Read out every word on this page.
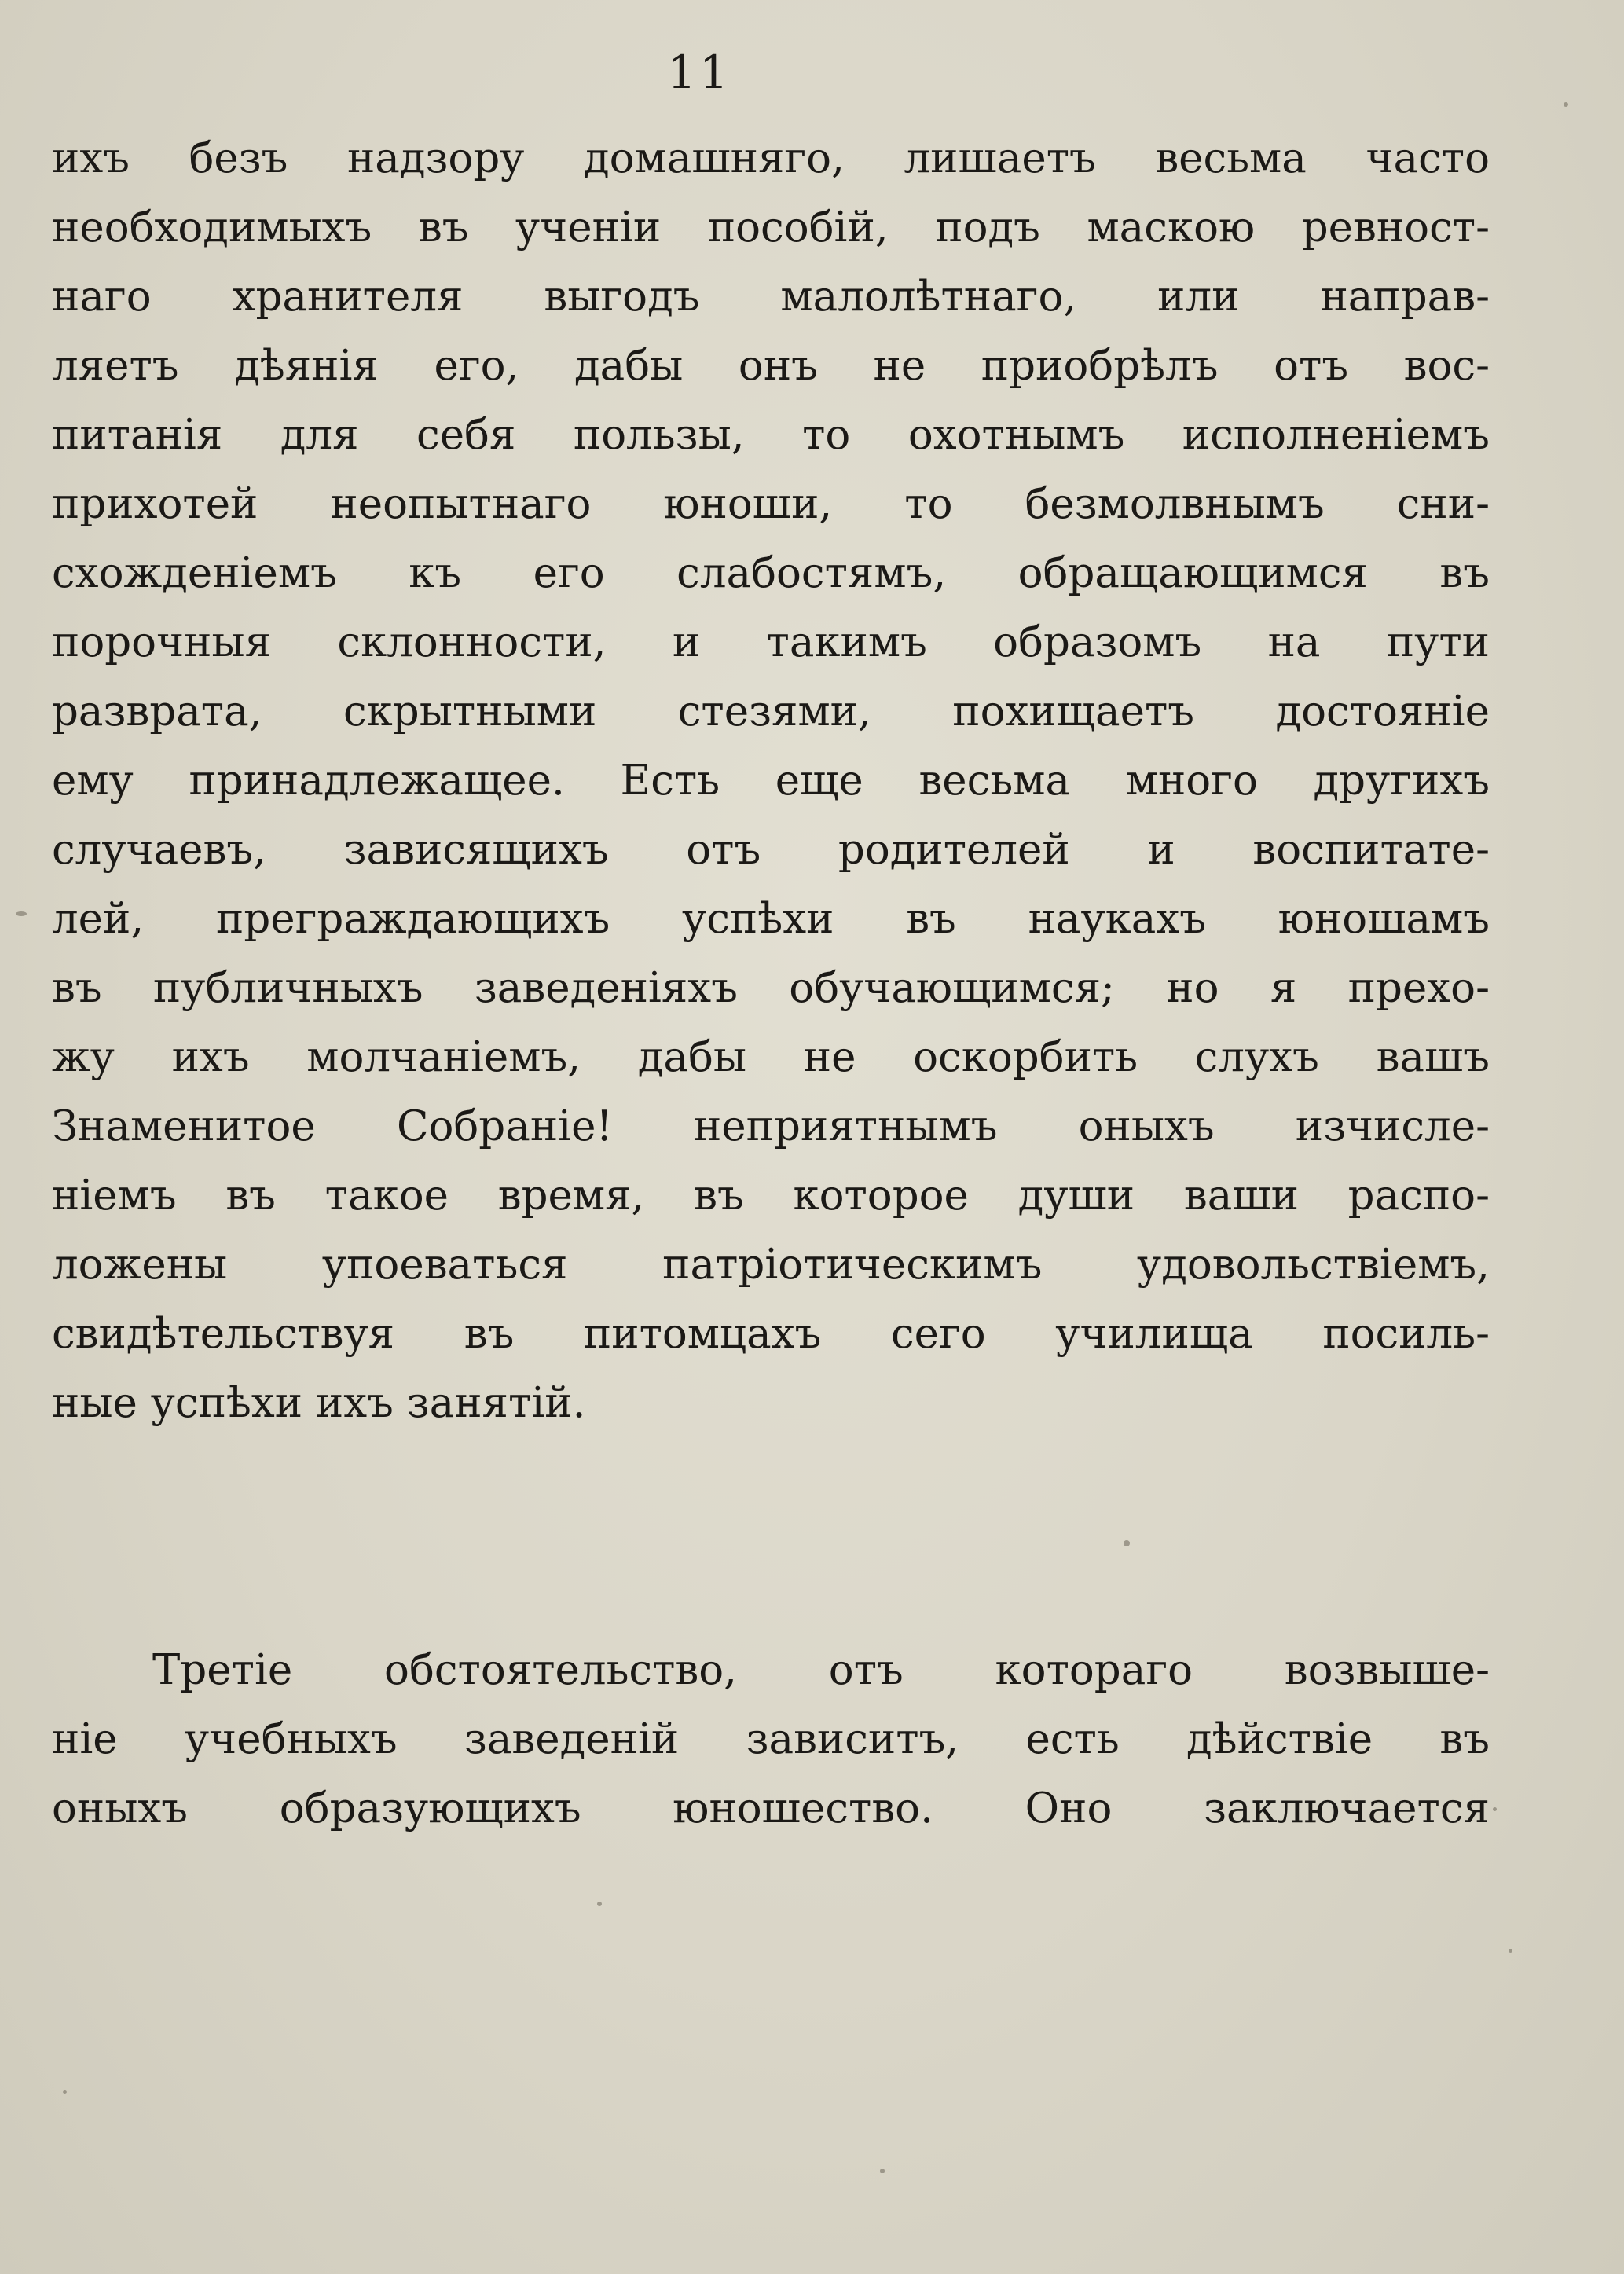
11
ихъ безъ надзору домашняго, лишаетъ весьма часто
необходимыхъ въ ученіи пособій, подъ маскою ревност-
наго хранителя выгодъ малолѣтнаго, или направ-
ляетъ дѣянія его, дабы онъ не приобрѣлъ отъ вос-
питанія для себя пользы, то охотнымъ исполненіемъ
прихотей неопытнаго юноши, то безмолвнымъ сни-
схожденіемъ къ его слабостямъ, обращающимся въ
порочныя склонности, и такимъ образомъ на пути
разврата, скрытными стезями, похищаетъ достояніе
ему принадлежащее. Есть еще весьма много другихъ
случаевъ, зависящихъ отъ родителей и воспитате-
лей, преграждающихъ успѣхи въ наукахъ юношамъ
въ публичныхъ заведеніяхъ обучающимся; но я прехо-
жу ихъ молчаніемъ, дабы не оскорбить слухъ вашъ
Знаменитое Собраніе! неприятнымъ оныхъ изчисле-
ніемъ въ такое время, въ которое души ваши распо-
ложены упоеваться патріотическимъ удовольствіемъ,
свидѣтельствуя въ питомцахъ сего училища посиль-
ные успѣхи ихъ занятій.
Третіе обстоятельство, отъ котораго возвыше-
ніе учебныхъ заведеній зависитъ, есть дѣйствіе въ
оныхъ образующихъ юношество. Оно заключается
